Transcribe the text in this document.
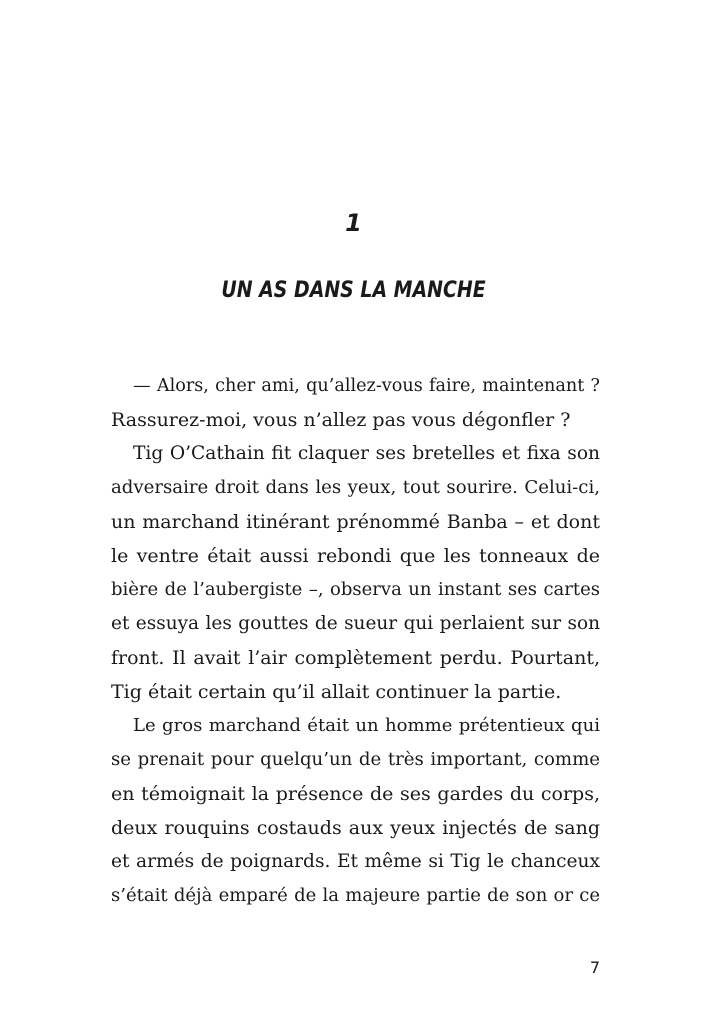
1
UN AS DANS LA MANCHE
— Alors, cher ami, qu’allez-vous faire, maintenant ?
Rassurez-moi, vous n’allez pas vous dégonfler ?
Tig O’Cathain fit claquer ses bretelles et fixa son
adversaire droit dans les yeux, tout sourire. Celui-ci,
un marchand itinérant prénommé Banba – et dont
le ventre était aussi rebondi que les tonneaux de
bière de l’aubergiste –, observa un instant ses cartes
et essuya les gouttes de sueur qui perlaient sur son
front. Il avait l’air complètement perdu. Pourtant,
Tig était certain qu’il allait continuer la partie.
Le gros marchand était un homme prétentieux qui
se prenait pour quelqu’un de très important, comme
en témoignait la présence de ses gardes du corps,
deux rouquins costauds aux yeux injectés de sang
et armés de poignards. Et même si Tig le chanceux
s’était déjà emparé de la majeure partie de son or ce
7
